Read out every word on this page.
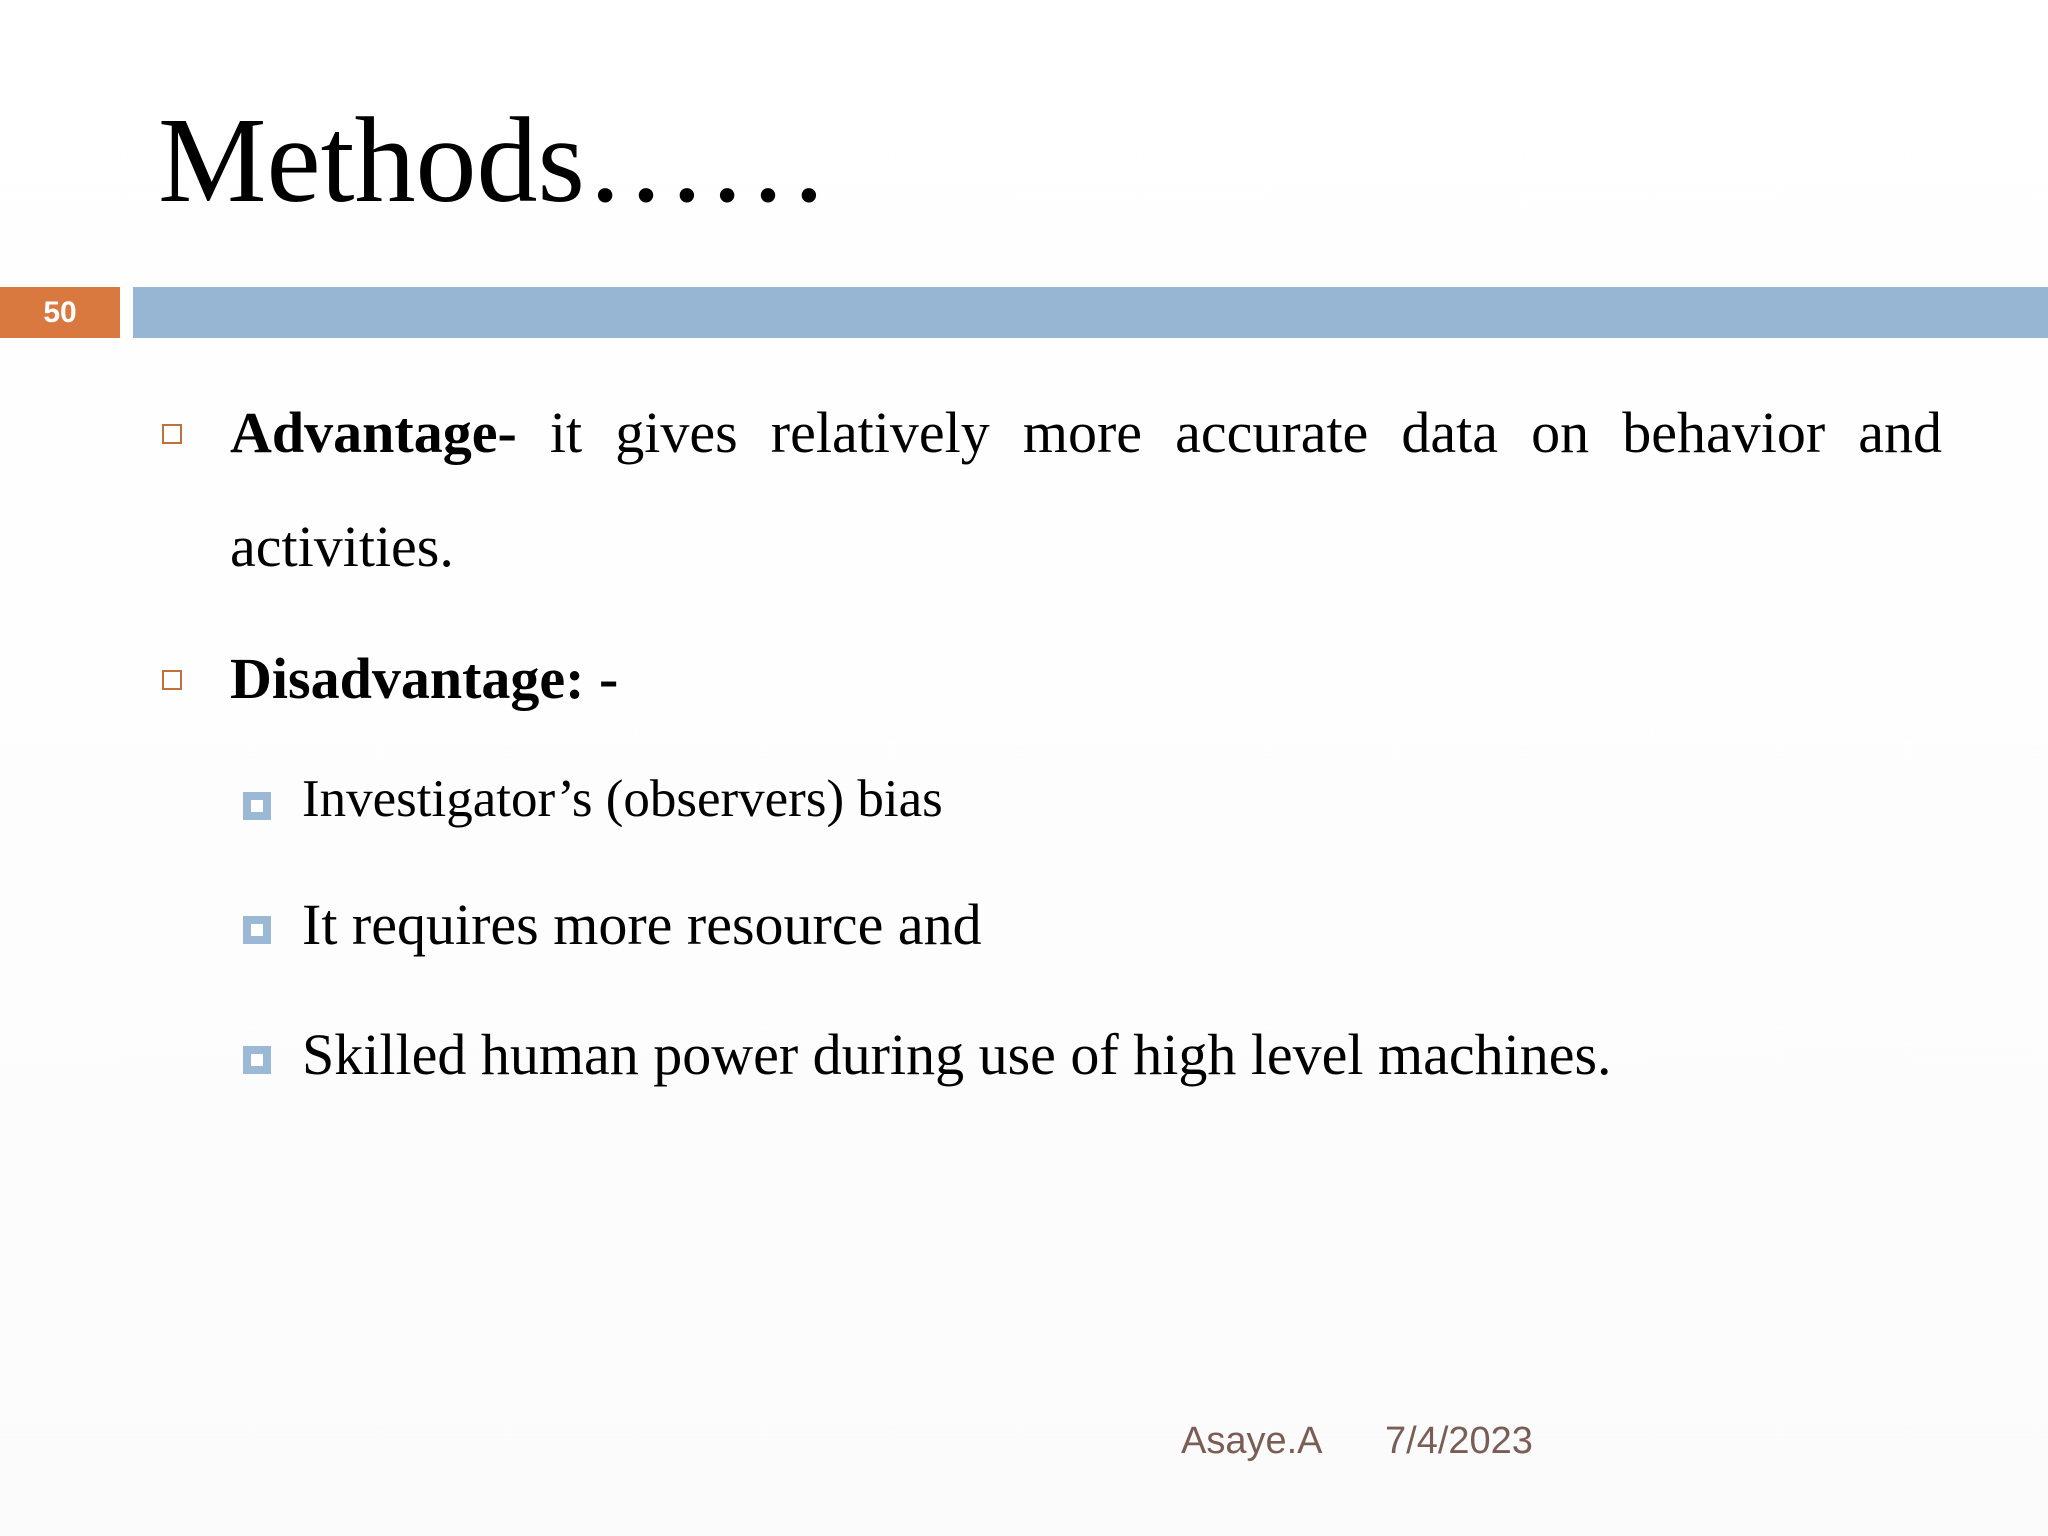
Methods……
50
Advantage- it gives relatively more accurate data on behavior and activities.
Disadvantage: -
Investigator’s (observers) bias
It requires more resource and
Skilled human power during use of high level machines.
Asaye.A 7/4/2023
